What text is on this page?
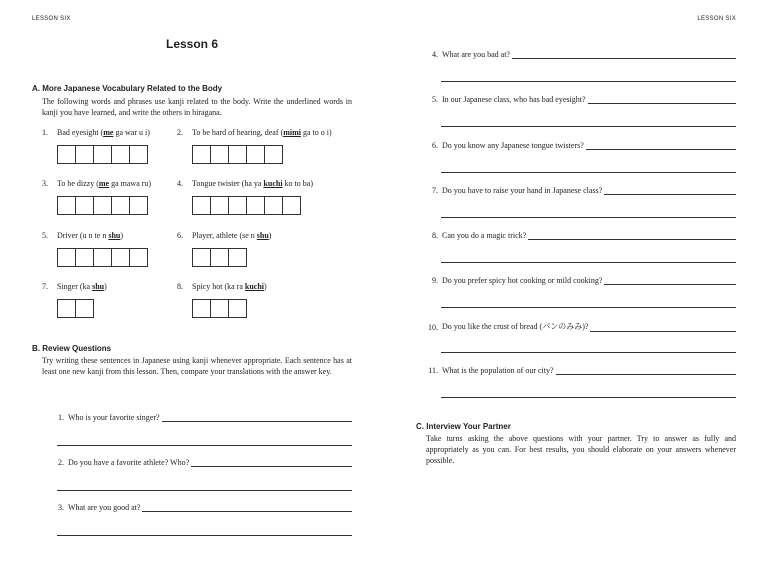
LESSON SIX	LESSON SIX
Lesson 6
A. More Japanese Vocabulary Related to the Body
The following words and phrases use kanji related to the body. Write the underlined words in kanji you have learned, and write the others in hiragana.
1. Bad eyesight (me ga war u i)	2. To be hard of hearing, deaf (mimi ga to o i)
3. To be dizzy (me ga mawa ru)	4. Tongue twister (ha ya kuchi ko to ba)
5. Driver (u n te n shu)	6. Player, athlete (se n shu)
7. Singer (ka shu)	8. Spicy hot (ka ra kuchi)
B. Review Questions
Try writing these sentences in Japanese using kanji whenever appropriate. Each sentence has at least one new kanji from this lesson. Then, compare your translations with the answer key.
1. Who is your favorite singer?
2. Do you have a favorite athlete? Who?
3. What are you good at?
4. What are you bad at?
5. In our Japanese class, who has bad eyesight?
6. Do you know any Japanese tongue twisters?
7. Do you have to raise your hand in Japanese class?
8. Can you do a magic trick?
9. Do you prefer spicy hot cooking or mild cooking?
10. Do you like the crust of bread (パンのみみ)?
11. What is the population of our city?
C. Interview Your Partner
Take turns asking the above questions with your partner. Try to answer as fully and appropriately as you can. For best results, you should elaborate on your answers whenever possible.
